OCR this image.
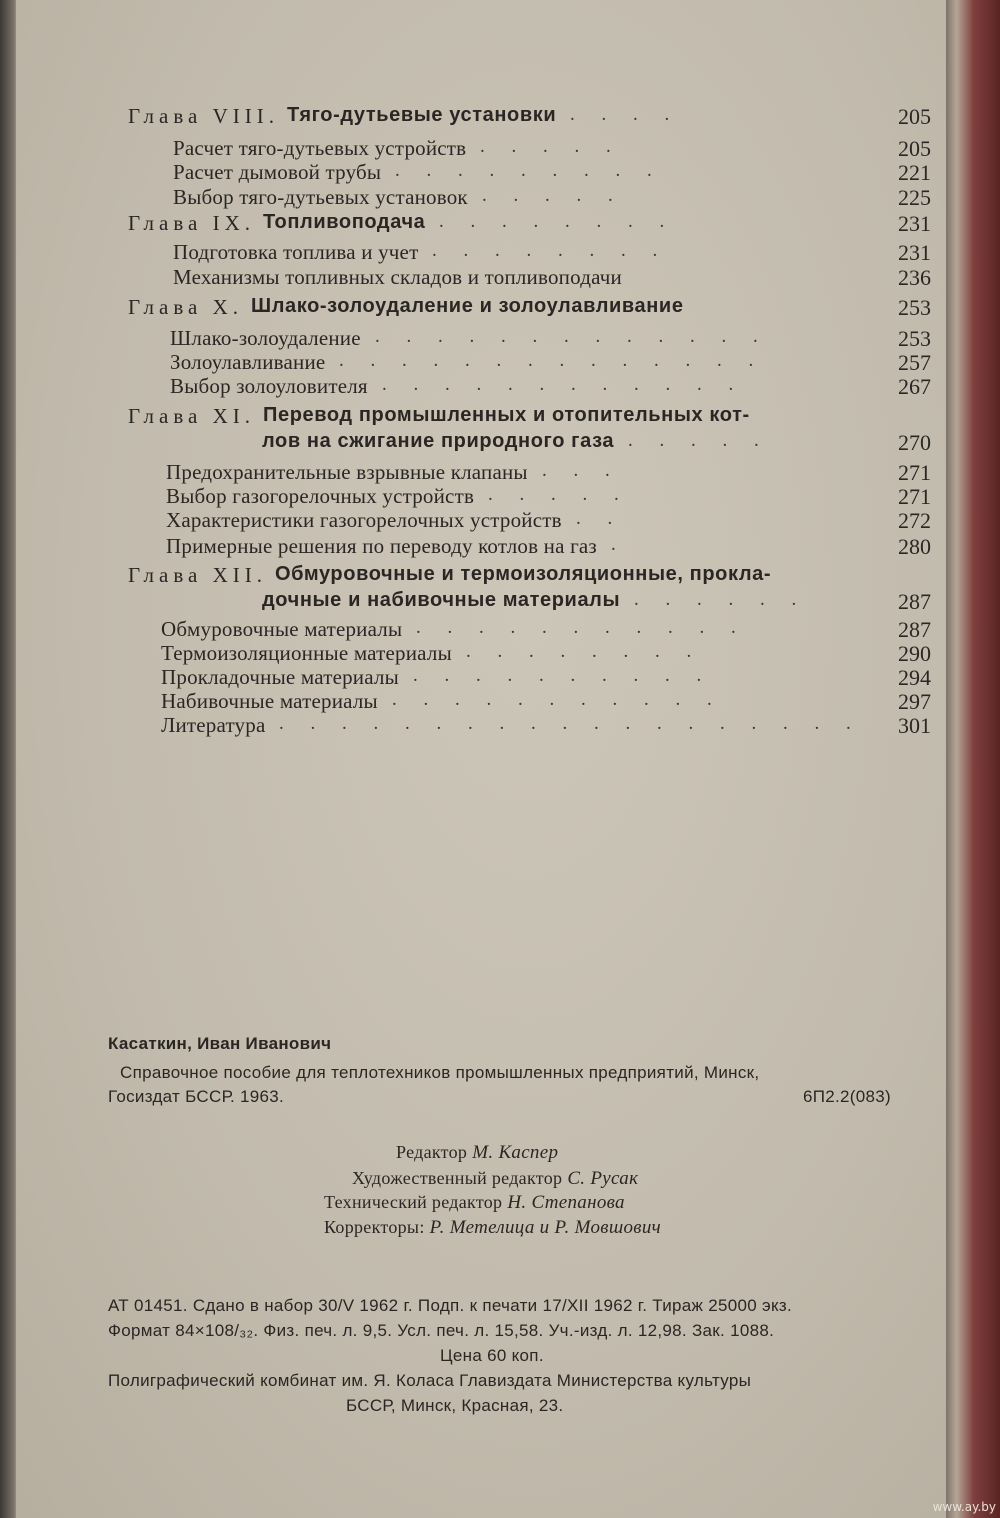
Глава VIII. Тяго-дутьевые установки . . . .	205
Расчет тяго-дутьевых устройств . . . . .	205
Расчет дымовой трубы . . . . . . . . .	221
Выбор тяго-дутьевых установок . . . . .	225
Глава IX. Топливоподача . . . . . . . .	231
Подготовка топлива и учет . . . . . . . .	231
Механизмы топливных складов и топливоподачи	236
Глава X. Шлако-золоудаление и золоулавливание	253
Шлако-золоудаление . . . . . . . . . . . . .	253
Золоулавливание . . . . . . . . . . . . . .	257
Выбор золоуловителя . . . . . . . . . . . .	267
Глава XI. Перевод промышленных и отопительных кот-
лов на сжигание природного газа . . . . .	270
Предохранительные взрывные клапаны . . .	271
Выбор газогорелочных устройств . . . . .	271
Характеристики газогорелочных устройств . .	272
Примерные решения по переводу котлов на газ .	280
Глава XII. Обмуровочные и термоизоляционные, прокла-
дочные и набивочные материалы . . . . . .	287
Обмуровочные материалы . . . . . . . . . . .	287
Термоизоляционные материалы . . . . . . . .	290
Прокладочные материалы . . . . . . . . . .	294
Набивочные материалы . . . . . . . . . . .	297
Литература . . . . . . . . . . . . . . . . . . .	301
Касаткин, Иван Иванович
Справочное пособие для теплотехников промышленных предприятий, Минск,
Госиздат БССР. 1963.	6П2.2(083)
Редактор М. Каспер
Художественный редактор С. Русак
Технический редактор Н. Степанова
Корректоры: Р. Метелица и Р. Мовшович
АТ 01451. Сдано в набор 30/V 1962 г. Подп. к печати 17/XII 1962 г. Тираж 25000 экз.
Формат 84×108/₃₂. Физ. печ. л. 9,5. Усл. печ. л. 15,58. Уч.-изд. л. 12,98. Зак. 1088.
Цена 60 коп.
Полиграфический комбинат им. Я. Коласа Главиздата Министерства культуры
БССР, Минск, Красная, 23.
www.ay.by
